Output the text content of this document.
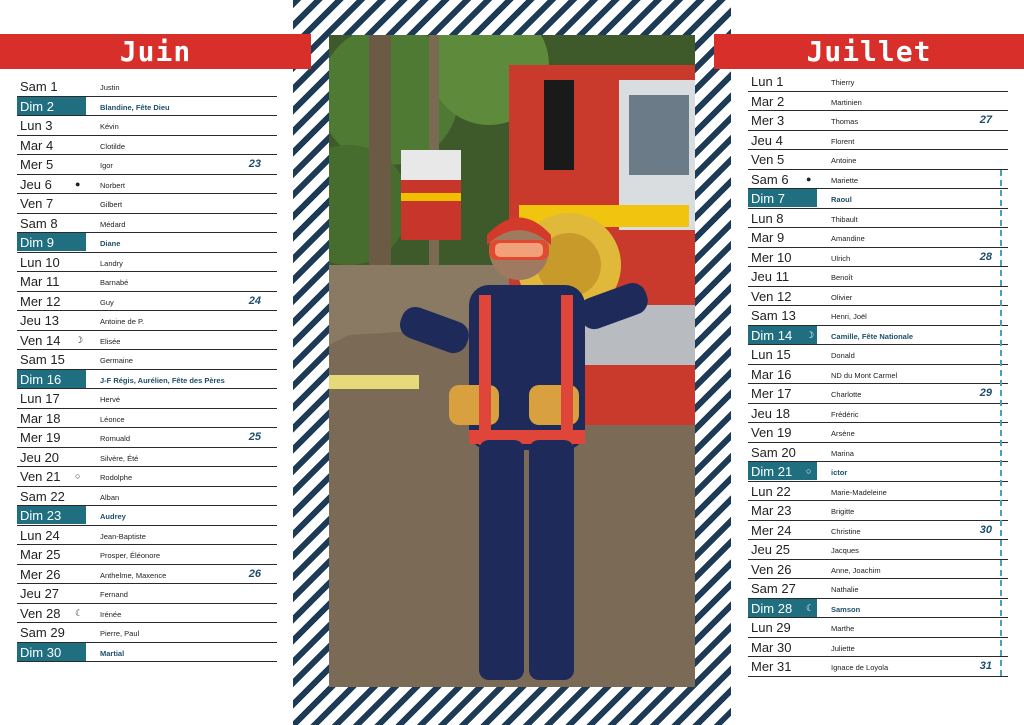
Juin	Juillet
Sam 1	Justin
Dim 2	Blandine, Fête Dieu
Lun 3	Kévin
Mar 4	Clotilde
Mer 5	Igor	23
Jeu 6	●	Norbert
Ven 7	Gilbert
Sam 8	Médard
Dim 9	Diane
Lun 10	Landry
Mar 11	Barnabé
Mer 12	Guy	24
Jeu 13	Antoine de P.
Ven 14 ☽ Elisée
Sam 15	Germaine
Dim 16	J-F Régis, Aurélien, Fête des Pères
Lun 17	Hervé
Mar 18	Léonce
Mer 19	Romuald	25
Jeu 20	Silvère, Été
Ven 21 ○	Rodolphe
Sam 22	Alban
Dim 23	Audrey
Lun 24	Jean-Baptiste
Mar 25	Prosper, Éléonore
Mer 26	Anthelme, Maxence	26
Jeu 27	Fernand
Ven 28 ☾ Irénée
Sam 29	Pierre, Paul
Dim 30	Martial
Lun 1	Thierry
Mar 2	Martinien
Mer 3	Thomas	27
Jeu 4	Florent
Ven 5	Antoine
Sam 6 ●	Mariette
Dim 7	Raoul
Lun 8	Thibault
Mar 9	Amandine
Mer 10	Ulrich	28
Jeu 11	Benoît
Ven 12	Olivier
Sam 13	Henri, Joël
Dim 14 ☽ Camille, Fête Nationale
Lun 15	Donald
Mar 16	ND du Mont Carmel
Mer 17	Charlotte	29
Jeu 18	Frédéric
Ven 19	Arsène
Sam 20	Marina
Dim 21 ○	ictor
Lun 22	Marie-Madeleine
Mar 23	Brigitte
Mer 24	Christine	30
Jeu 25	Jacques
Ven 26	Anne, Joachim
Sam 27	Nathalie
Dim 28 ☾ Samson
Lun 29	Marthe
Mar 30	Juliette
Mer 31	Ignace de Loyola	31
